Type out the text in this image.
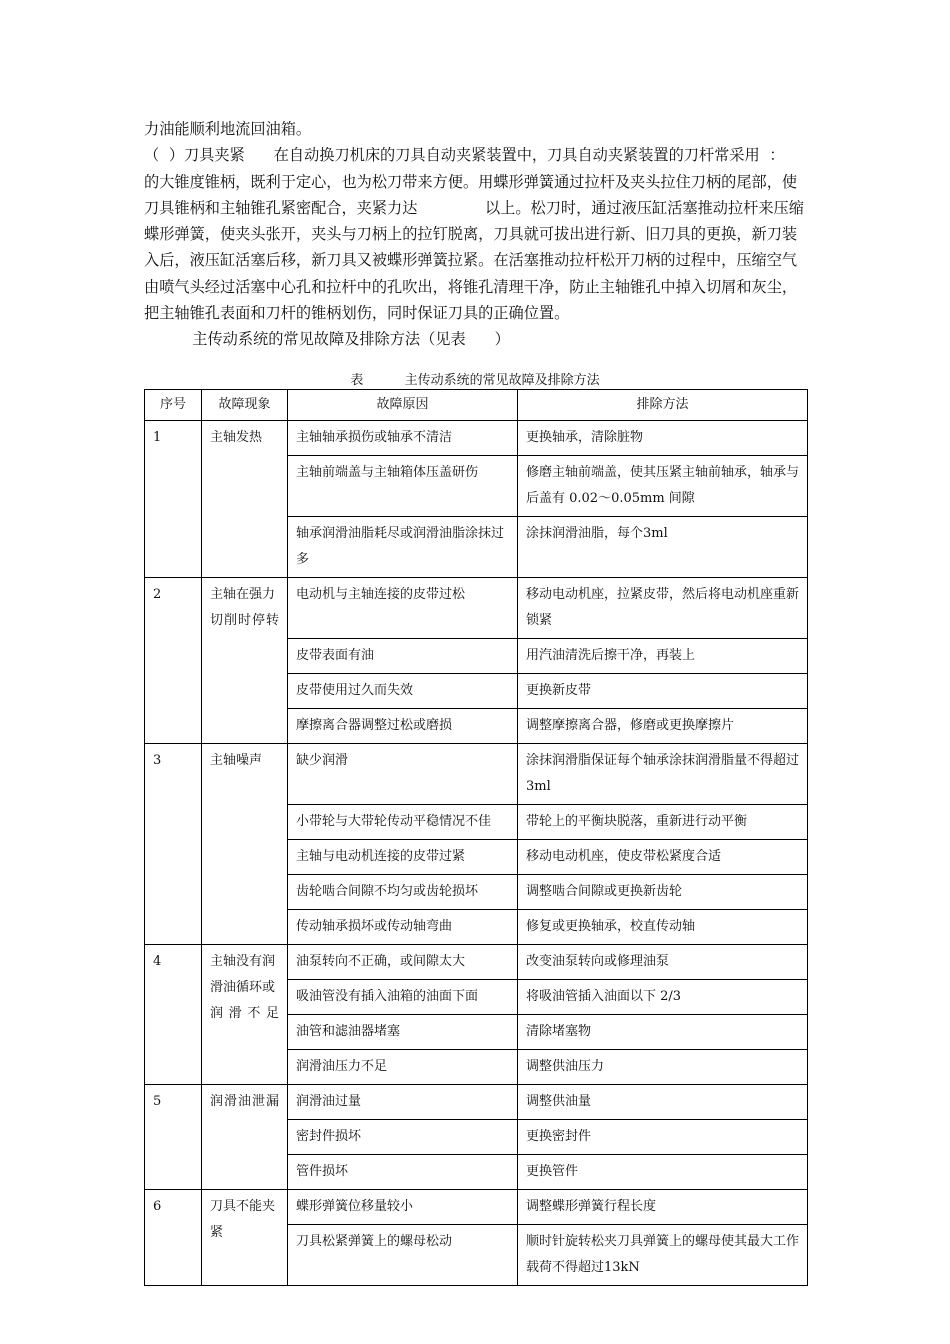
力油能顺利地流回油箱。

（  ）刀具夹紧      在自动换刀机床的刀具自动夹紧装置中，刀具自动夹紧装置的刀杆常采用  ：   的大锥度锥柄，既利于定心，也为松刀带来方便。用蝶形弹簧通过拉杆及夹头拉住刀柄的尾部，使刀具锥柄和主轴锥孔紧密配合，夹紧力达              以上。松刀时，通过液压缸活塞推动拉杆来压缩蝶形弹簧，使夹头张开，夹头与刀柄上的拉钉脱离，刀具就可拔出进行新、旧刀具的更换，新刀装入后，液压缸活塞后移，新刀具又被蝶形弹簧拉紧。在活塞推动拉杆松开刀柄的过程中，压缩空气由喷气头经过活塞中心孔和拉杆中的孔吹出，将锥孔清理干净，防止主轴锥孔中掉入切屑和灰尘，把主轴锥孔表面和刀杆的锥柄划伤，同时保证刀具的正确位置。

主传动系统的常见故障及排除方法（见表      ）

表          主传动系统的常见故障及排除方法
序号	故障现象	故障原因	排除方法
1	主轴发热	主轴轴承损伤或轴承不清洁	更换轴承，清除脏物
		主轴前端盖与主轴箱体压盖研伤	修磨主轴前端盖，使其压紧主轴前轴承，轴承与后盖有 0.02～0.05mm 间隙
		轴承润滑油脂耗尽或润滑油脂涂抹过多	涂抹润滑油脂，每个3ml
2	主轴在强力切削时停转	电动机与主轴连接的皮带过松	移动电动机座，拉紧皮带，然后将电动机座重新锁紧
		皮带表面有油	用汽油清洗后擦干净，再装上
		皮带使用过久而失效	更换新皮带
		摩擦离合器调整过松或磨损	调整摩擦离合器，修磨或更换摩擦片
3	主轴噪声	缺少润滑	涂抹润滑脂保证每个轴承涂抹润滑脂量不得超过 3ml
		小带轮与大带轮传动平稳情况不佳	带轮上的平衡块脱落，重新进行动平衡
		主轴与电动机连接的皮带过紧	移动电动机座，使皮带松紧度合适
		齿轮啮合间隙不均匀或齿轮损坏	调整啮合间隙或更换新齿轮
		传动轴承损坏或传动轴弯曲	修复或更换轴承，校直传动轴
4	主轴没有润滑油循环或润滑不足	油泵转向不正确，或间隙太大	改变油泵转向或修理油泵
		吸油管没有插入油箱的油面下面	将吸油管插入油面以下 2/3
		油管和滤油器堵塞	清除堵塞物
		润滑油压力不足	调整供油压力
5	润滑油泄漏	润滑油过量	调整供油量
		密封件损坏	更换密封件
		管件损坏	更换管件
6	刀具不能夹紧	蝶形弹簧位移量较小	调整蝶形弹簧行程长度
		刀具松紧弹簧上的螺母松动	顺时针旋转松夹刀具弹簧上的螺母使其最大工作载荷不得超过13kN
